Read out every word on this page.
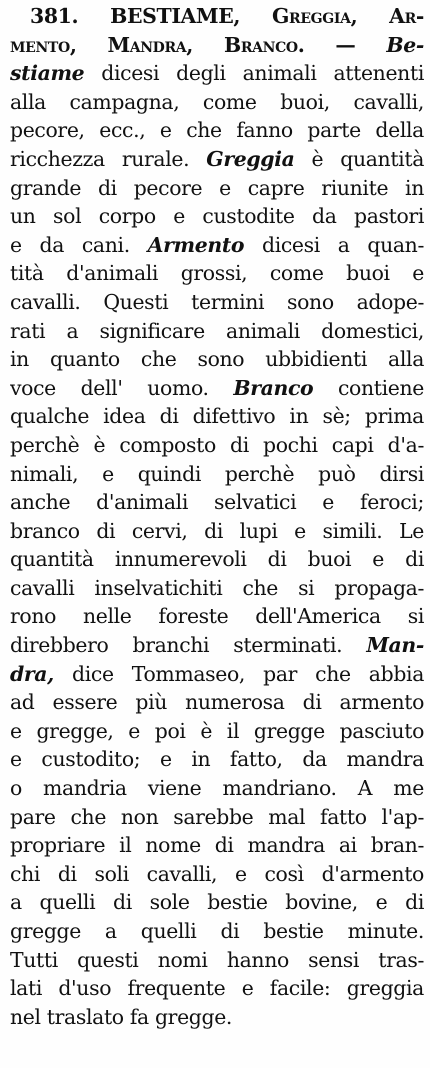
381. BESTIAME, Greggia, Ar-
mento, Mandra, Branco. — Be-
stiame dicesi degli animali attenenti
alla campagna, come buoi, cavalli,
pecore, ecc., e che fanno parte della
ricchezza rurale. Greggia è quantità
grande di pecore e capre riunite in
un sol corpo e custodite da pastori
e da cani. Armento dicesi a quan-
tità d'animali grossi, come buoi e
cavalli. Questi termini sono adope-
rati a significare animali domestici,
in quanto che sono ubbidienti alla
voce dell' uomo. Branco contiene
qualche idea di difettivo in sè; prima
perchè è composto di pochi capi d'a-
nimali, e quindi perchè può dirsi
anche d'animali selvatici e feroci;
branco di cervi, di lupi e simili. Le
quantità innumerevoli di buoi e di
cavalli inselvatichiti che si propaga-
rono nelle foreste dell'America si
direbbero branchi sterminati. Man-
dra, dice Tommaseo, par che abbia
ad essere più numerosa di armento
e gregge, e poi è il gregge pasciuto
e custodito; e in fatto, da mandra
o mandria viene mandriano. A me
pare che non sarebbe mal fatto l'ap-
propriare il nome di mandra ai bran-
chi di soli cavalli, e così d'armento
a quelli di sole bestie bovine, e di
gregge a quelli di bestie minute.
Tutti questi nomi hanno sensi tras-
lati d'uso frequente e facile: greggia
nel traslato fa gregge.
